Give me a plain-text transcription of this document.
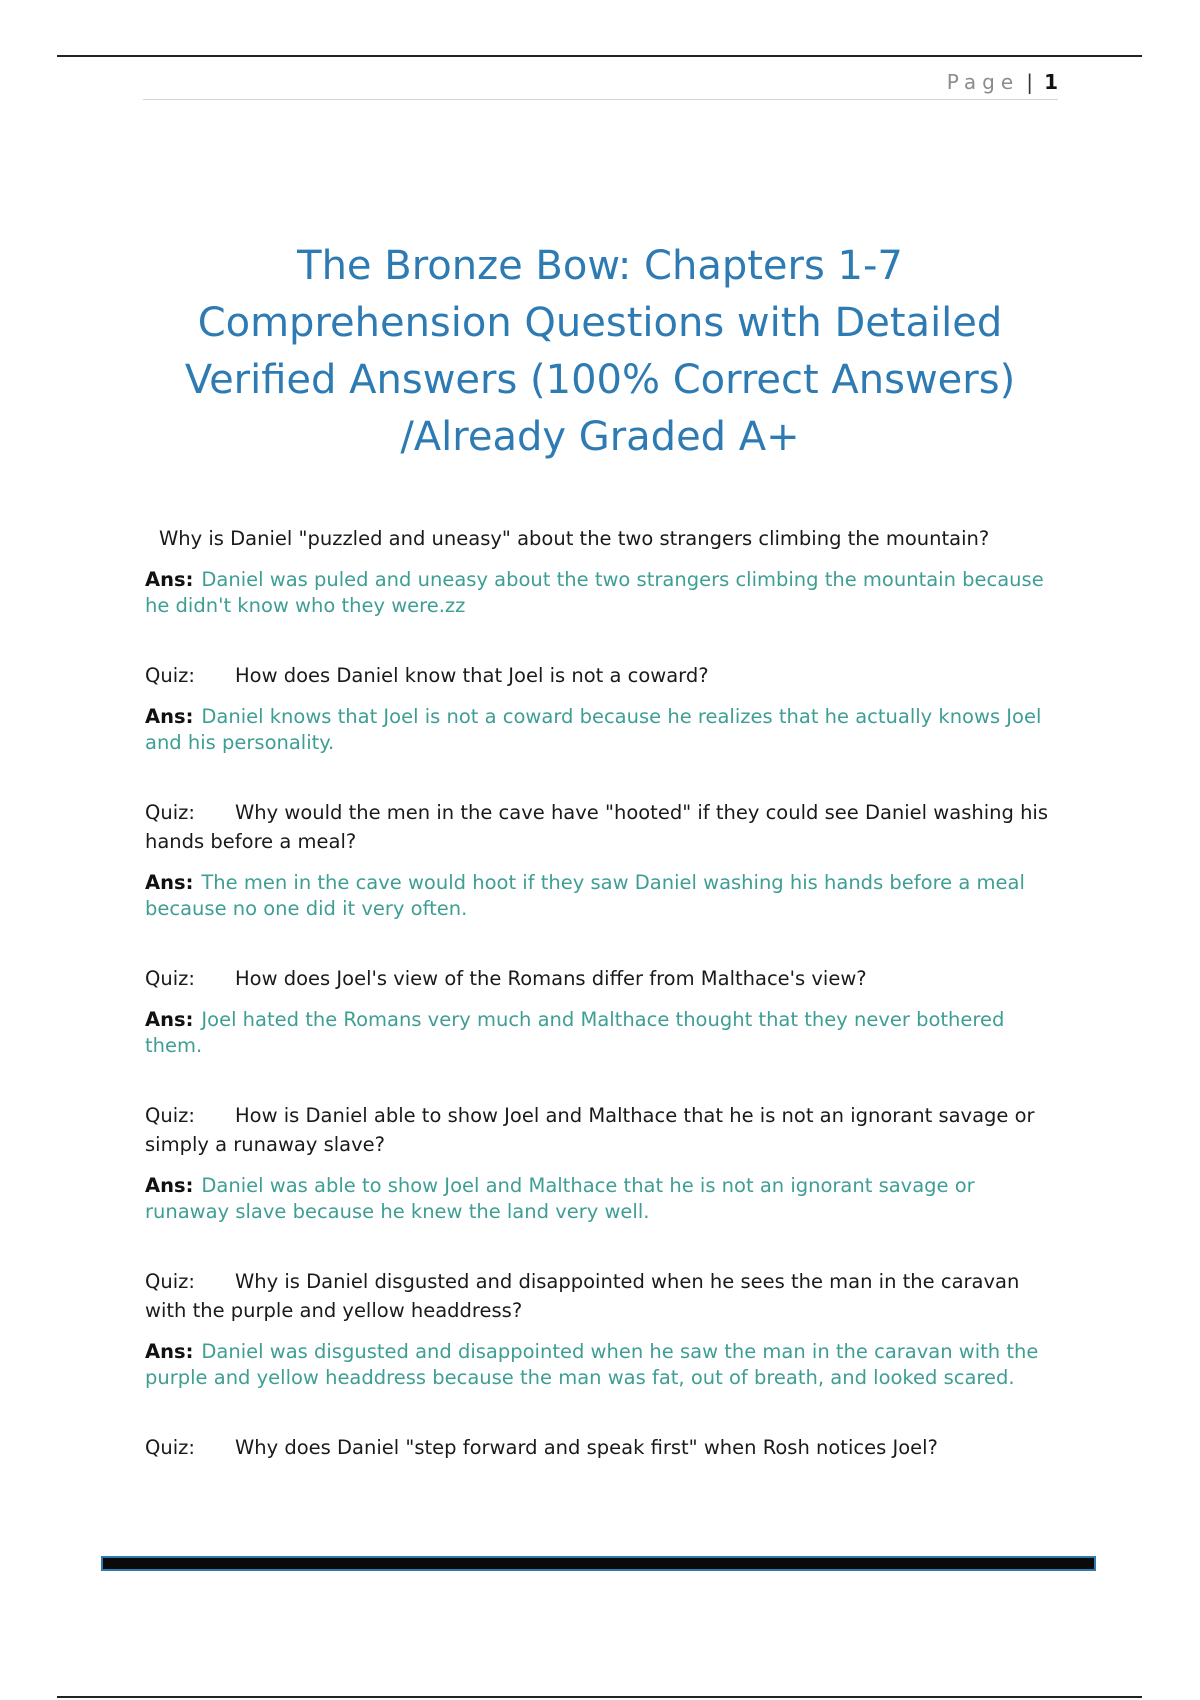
Page | 1
The Bronze Bow: Chapters 1-7
Comprehension Questions with Detailed
Verified Answers (100% Correct Answers)
/Already Graded A+

Why is Daniel "puzzled and uneasy" about the two strangers climbing the mountain?

Ans: Daniel was puled and uneasy about the two strangers climbing the mountain because he didn't know who they were.zz

Quiz: How does Daniel know that Joel is not a coward?

Ans: Daniel knows that Joel is not a coward because he realizes that he actually knows Joel and his personality.

Quiz: Why would the men in the cave have "hooted" if they could see Daniel washing his hands before a meal?

Ans: The men in the cave would hoot if they saw Daniel washing his hands before a meal because no one did it very often.

Quiz: How does Joel's view of the Romans differ from Malthace's view?

Ans: Joel hated the Romans very much and Malthace thought that they never bothered them.

Quiz: How is Daniel able to show Joel and Malthace that he is not an ignorant savage or simply a runaway slave?

Ans: Daniel was able to show Joel and Malthace that he is not an ignorant savage or runaway slave because he knew the land very well.

Quiz: Why is Daniel disgusted and disappointed when he sees the man in the caravan with the purple and yellow headdress?

Ans: Daniel was disgusted and disappointed when he saw the man in the caravan with the purple and yellow headdress because the man was fat, out of breath, and looked scared.

Quiz: Why does Daniel "step forward and speak first" when Rosh notices Joel?
